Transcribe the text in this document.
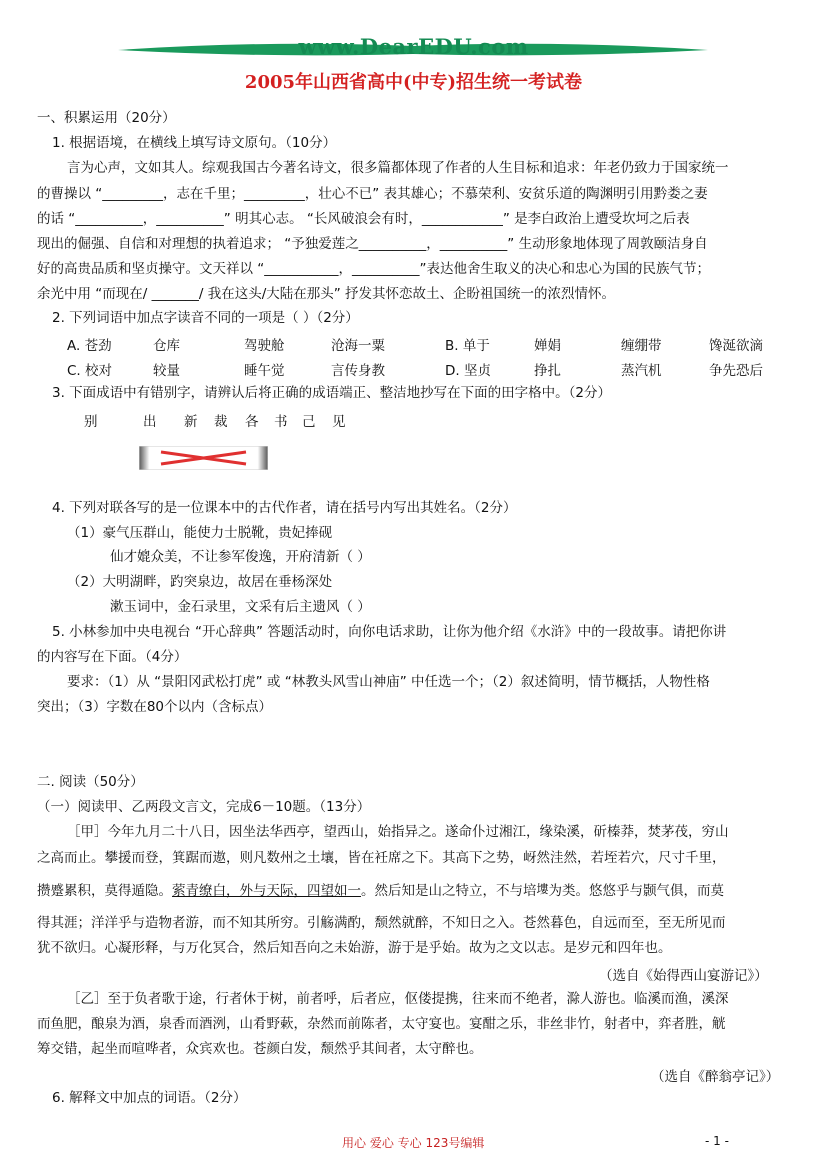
www.DearEDU.com
2005年山西省高中(中专)招生统一考试卷
一、积累运用（20分）
1. 根据语境，在横线上填写诗文原句。（10分）
言为心声，文如其人。综观我国古今著名诗文，很多篇都体现了作者的人生目标和追求：年老仍致力于国家统一
的曹操以 “_________，志在千里；_________，壮心不已” 表其雄心；不慕荣利、安贫乐道的陶渊明引用黔娄之妻
的话 “__________，__________” 明其心志。 “长风破浪会有时，____________” 是李白政治上遭受坎坷之后表
现出的倔强、自信和对理想的执着追求； “予独爱莲之__________，__________” 生动形象地体现了周敦颐洁身自
好的高贵品质和坚贞操守。文天祥以 “___________，__________”表达他舍生取义的决心和忠心为国的民族气节；
余光中用 “而现在/ _______/ 我在这头/大陆在那头” 抒发其怀恋故土、企盼祖国统一的浓烈情怀。
2. 下列词语中加点字读音不同的一项是（ ）（2分）
A. 苍劲	仓库	驾驶舱	沧海一粟	B. 单于	婵娟	缠绷带	馋涎欲滴
C. 校对	较量	睡午觉	言传身教	D. 坚贞	挣扎	蒸汽机	争先恐后
3. 下面成语中有错别字，请辨认后将正确的成语端正、整洁地抄写在下面的田字格中。（2分）
别	出 新 裁 各 书 己 见
4. 下列对联各写的是一位课本中的古代作者，请在括号内写出其姓名。（2分）
（1）豪气压群山，能使力士脱靴，贵妃捧砚
仙才媲众美，不让参军俊逸，开府清新（ ）
（2）大明湖畔，趵突泉边，故居在垂杨深处
漱玉词中，金石录里，文采有后主遗风（ ）
5. 小林参加中央电视台 “开心辞典” 答题活动时，向你电话求助，让你为他介绍《水浒》中的一段故事。请把你讲
的内容写在下面。（4分）
要求：（1）从 “景阳冈武松打虎” 或 “林教头风雪山神庙” 中任选一个；（2）叙述简明，情节概括，人物性格
突出；（3）字数在80个以内（含标点）
二. 阅读（50分）
（一）阅读甲、乙两段文言文，完成6－10题。（13分）
［甲］今年九月二十八日，因坐法华西亭，望西山，始指异之。遂命仆过湘江，缘染溪，斫榛莽，焚茅茷，穷山
之高而止。攀援而登，箕踞而遨，则凡数州之土壤，皆在衽席之下。其高下之势，岈然洼然，若垤若穴，尺寸千里，
攒蹙累积，莫得遁隐。萦青缭白，外与天际，四望如一。然后知是山之特立，不与培塿为类。悠悠乎与颢气俱，而莫
得其涯；洋洋乎与造物者游，而不知其所穷。引觞满酌，颓然就醉，不知日之入。苍然暮色，自远而至，至无所见而
犹不欲归。心凝形释，与万化冥合，然后知吾向之未始游，游于是乎始。故为之文以志。是岁元和四年也。
（选自《始得西山宴游记》）
［乙］至于负者歌于途，行者休于树，前者呼，后者应，伛偻提携，往来而不绝者，滁人游也。临溪而渔，溪深
而鱼肥，酿泉为酒，泉香而酒洌，山肴野蔌，杂然而前陈者，太守宴也。宴酣之乐，非丝非竹，射者中，弈者胜，觥
筹交错，起坐而喧哗者，众宾欢也。苍颜白发，颓然乎其间者，太守醉也。
（选自《醉翁亭记》）
6. 解释文中加点的词语。（2分）
用心 爱心 专心 123号编辑	- 1 -
